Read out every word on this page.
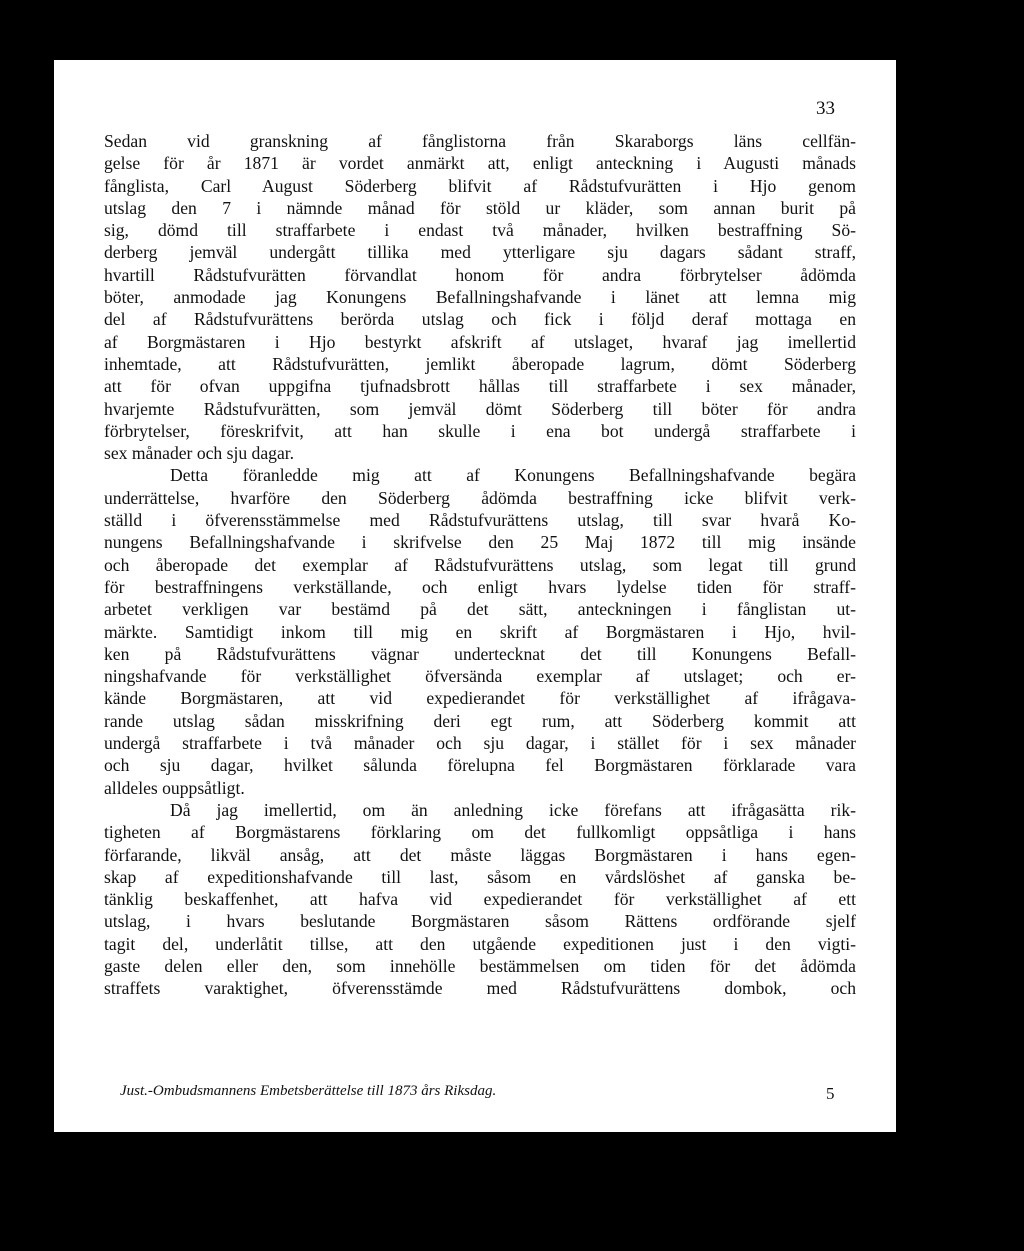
33
Sedan vid granskning af fånglistorna från Skaraborgs läns cellfän-
gelse för år 1871 är vordet anmärkt att, enligt anteckning i Augusti månads
fånglista, Carl August Söderberg blifvit af Rådstufvurätten i Hjo genom
utslag den 7 i nämnde månad för stöld ur kläder, som annan burit på
sig, dömd till straffarbete i endast två månader, hvilken bestraffning Sö-
derberg jemväl undergått tillika med ytterligare sju dagars sådant straff,
hvartill Rådstufvurätten förvandlat honom för andra förbrytelser ådömda
böter, anmodade jag Konungens Befallningshafvande i länet att lemna mig
del af Rådstufvurättens berörda utslag och fick i följd deraf mottaga en
af Borgmästaren i Hjo bestyrkt afskrift af utslaget, hvaraf jag imellertid
inhemtade, att Rådstufvurätten, jemlikt åberopade lagrum, dömt Söderberg
att för ofvan uppgifna tjufnadsbrott hållas till straffarbete i sex månader,
hvarjemte Rådstufvurätten, som jemväl dömt Söderberg till böter för andra
förbrytelser, föreskrifvit, att han skulle i ena bot undergå straffarbete i
sex månader och sju dagar.
Detta föranledde mig att af Konungens Befallningshafvande begära
underrättelse, hvarföre den Söderberg ådömda bestraffning icke blifvit verk-
ställd i öfverensstämmelse med Rådstufvurättens utslag, till svar hvarå Ko-
nungens Befallningshafvande i skrifvelse den 25 Maj 1872 till mig insände
och åberopade det exemplar af Rådstufvurättens utslag, som legat till grund
för bestraffningens verkställande, och enligt hvars lydelse tiden för straff-
arbetet verkligen var bestämd på det sätt, anteckningen i fånglistan ut-
märkte. Samtidigt inkom till mig en skrift af Borgmästaren i Hjo, hvil-
ken på Rådstufvurättens vägnar undertecknat det till Konungens Befall-
ningshafvande för verkställighet öfversända exemplar af utslaget; och er-
kände Borgmästaren, att vid expedierandet för verkställighet af ifrågava-
rande utslag sådan misskrifning deri egt rum, att Söderberg kommit att
undergå straffarbete i två månader och sju dagar, i stället för i sex månader
och sju dagar, hvilket sålunda förelupna fel Borgmästaren förklarade vara
alldeles ouppsåtligt.
Då jag imellertid, om än anledning icke förefans att ifrågasätta rik-
tigheten af Borgmästarens förklaring om det fullkomligt oppsåtliga i hans
förfarande, likväl ansåg, att det måste läggas Borgmästaren i hans egen-
skap af expeditionshafvande till last, såsom en vårdslöshet af ganska be-
tänklig beskaffenhet, att hafva vid expedierandet för verkställighet af ett
utslag, i hvars beslutande Borgmästaren såsom Rättens ordförande sjelf
tagit del, underlåtit tillse, att den utgående expeditionen just i den vigti-
gaste delen eller den, som innehölle bestämmelsen om tiden för det ådömda
straffets varaktighet, öfverensstämde med Rådstufvurättens dombok, och
Just.-Ombudsmannens Embetsberättelse till 1873 års Riksdag.	5
